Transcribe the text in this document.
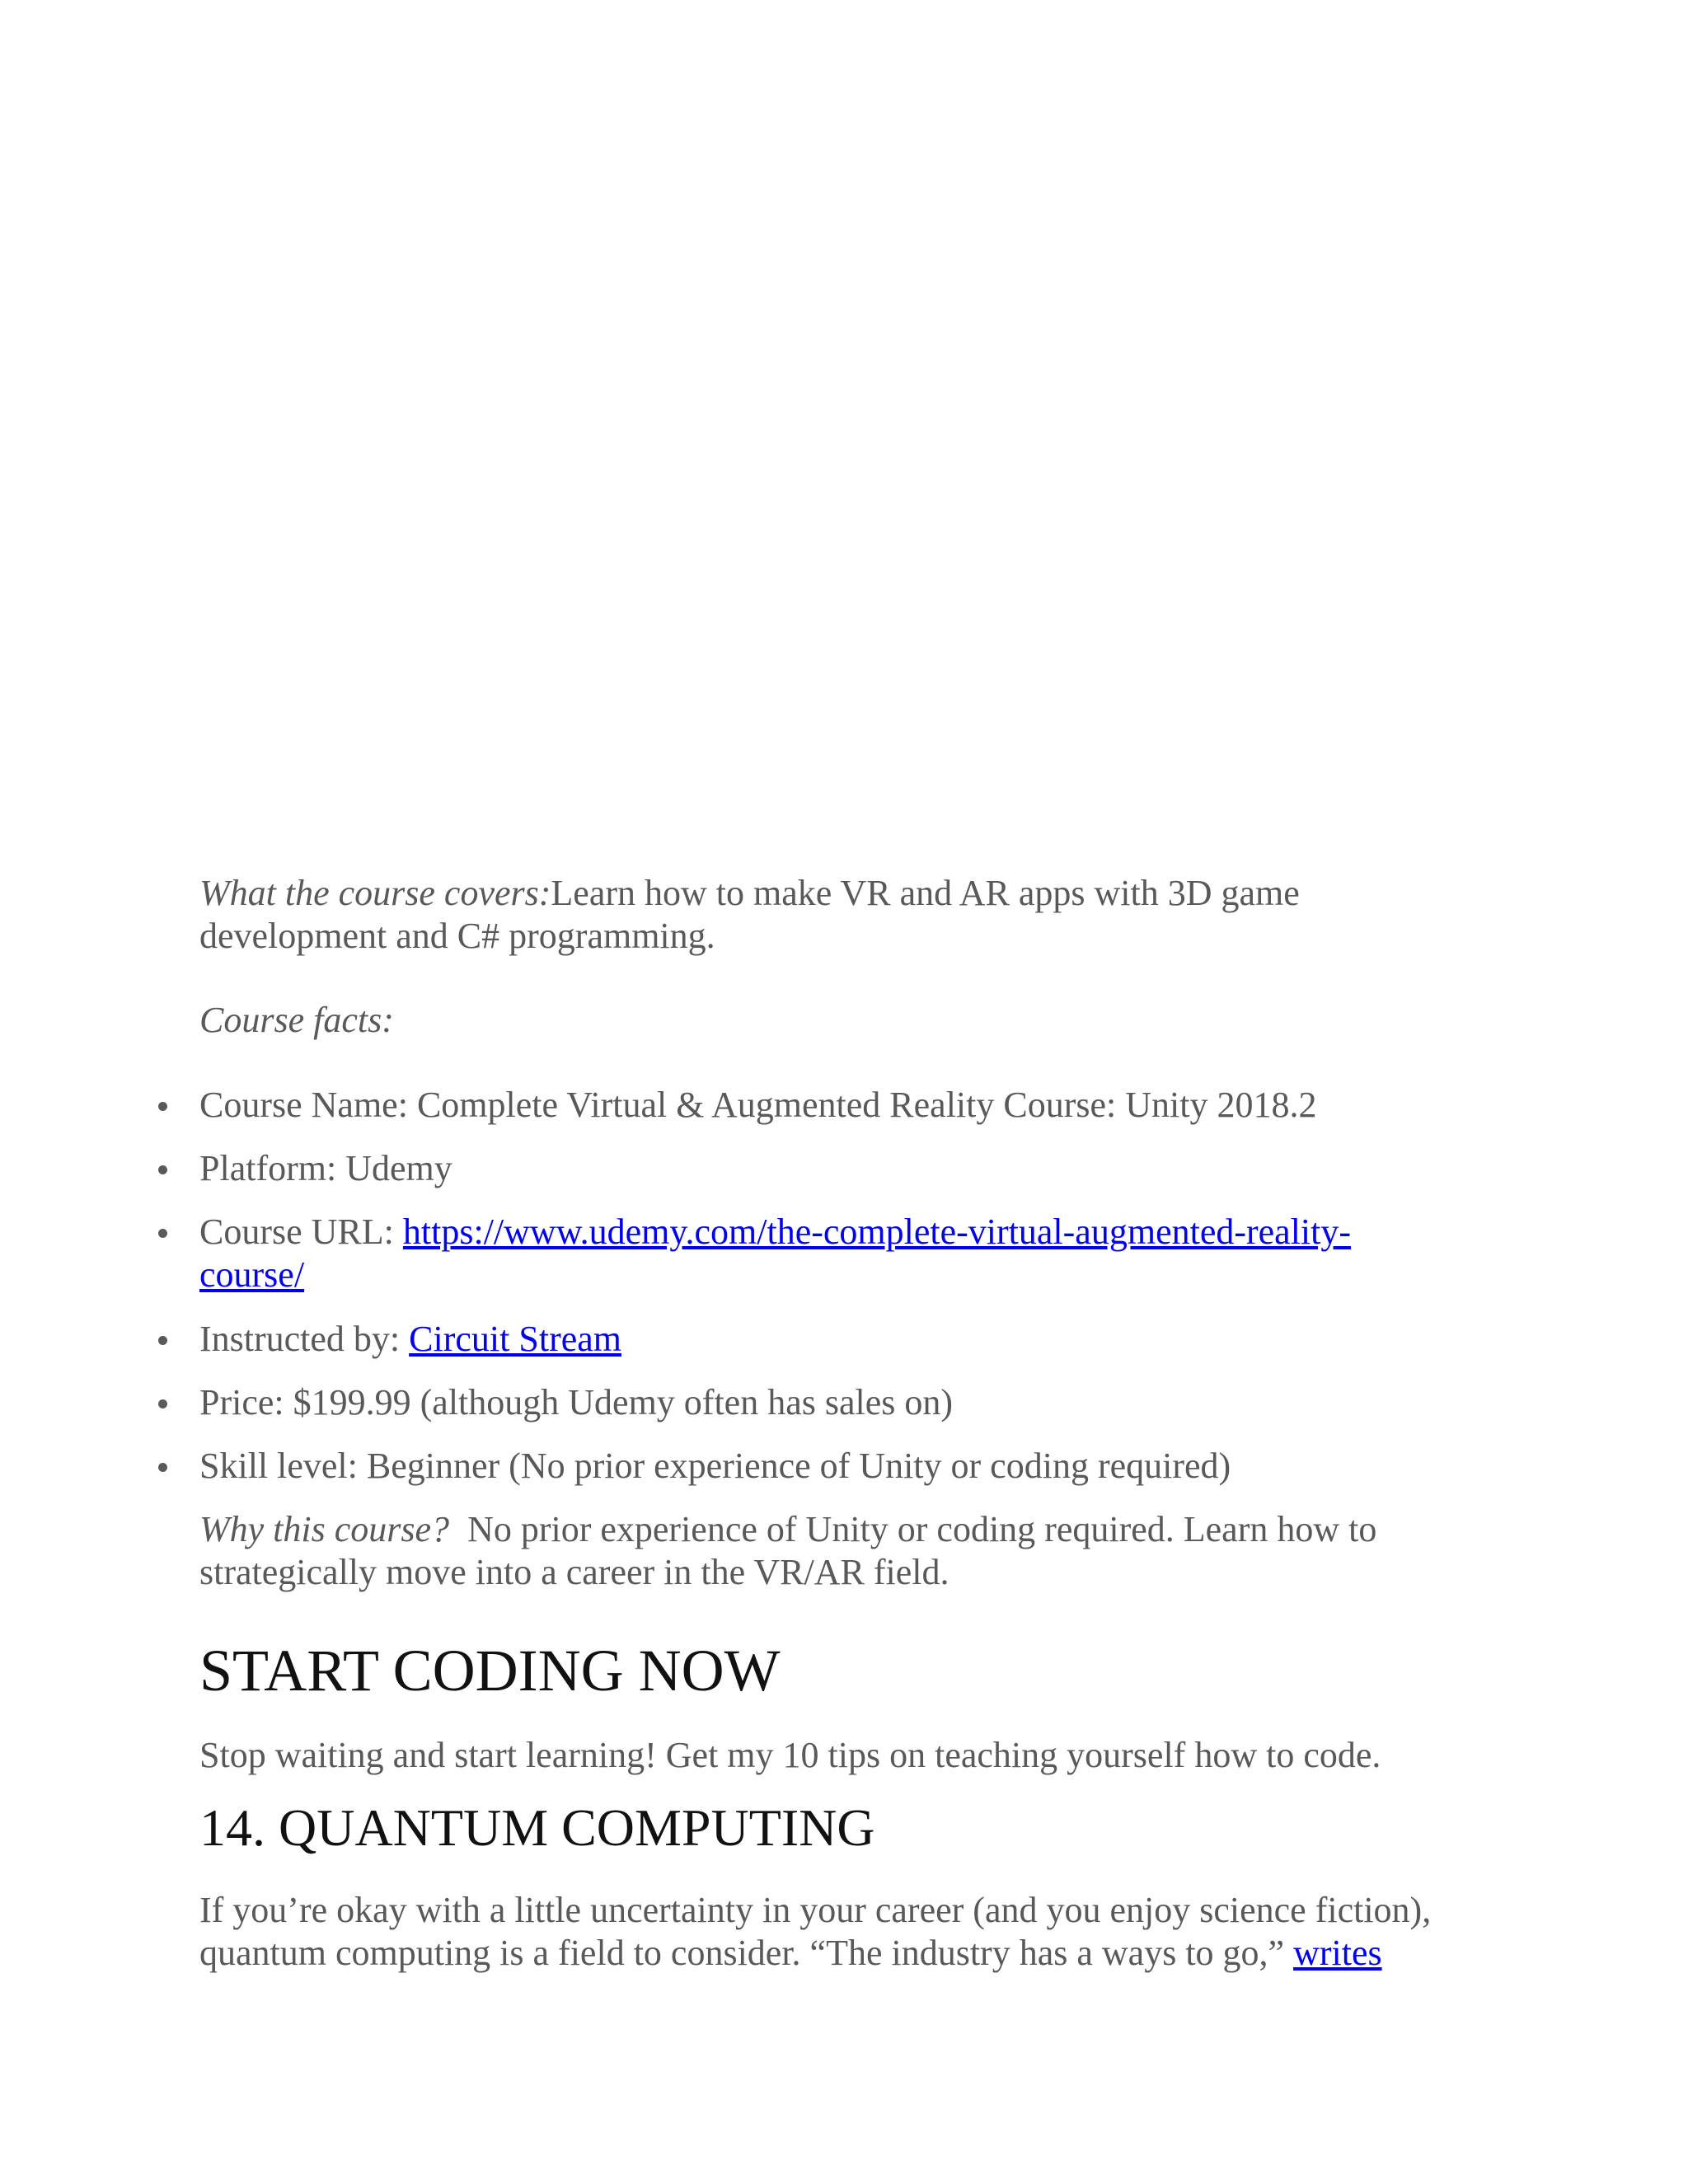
What the course covers:Learn how to make VR and AR apps with 3D game development and C# programming.
Course facts:
Course Name: Complete Virtual & Augmented Reality Course: Unity 2018.2
Platform: Udemy
Course URL: https://www.udemy.com/the-complete-virtual-augmented-reality-
course/
Instructed by: Circuit Stream
Price: $199.99 (although Udemy often has sales on)
Skill level: Beginner (No prior experience of Unity or coding required)
Why this course? No prior experience of Unity or coding required. Learn how to strategically move into a career in the VR/AR field.
START CODING NOW
Stop waiting and start learning! Get my 10 tips on teaching yourself how to code.
14. QUANTUM COMPUTING
If you’re okay with a little uncertainty in your career (and you enjoy science fiction), quantum computing is a field to consider. “The industry has a ways to go,” writes
